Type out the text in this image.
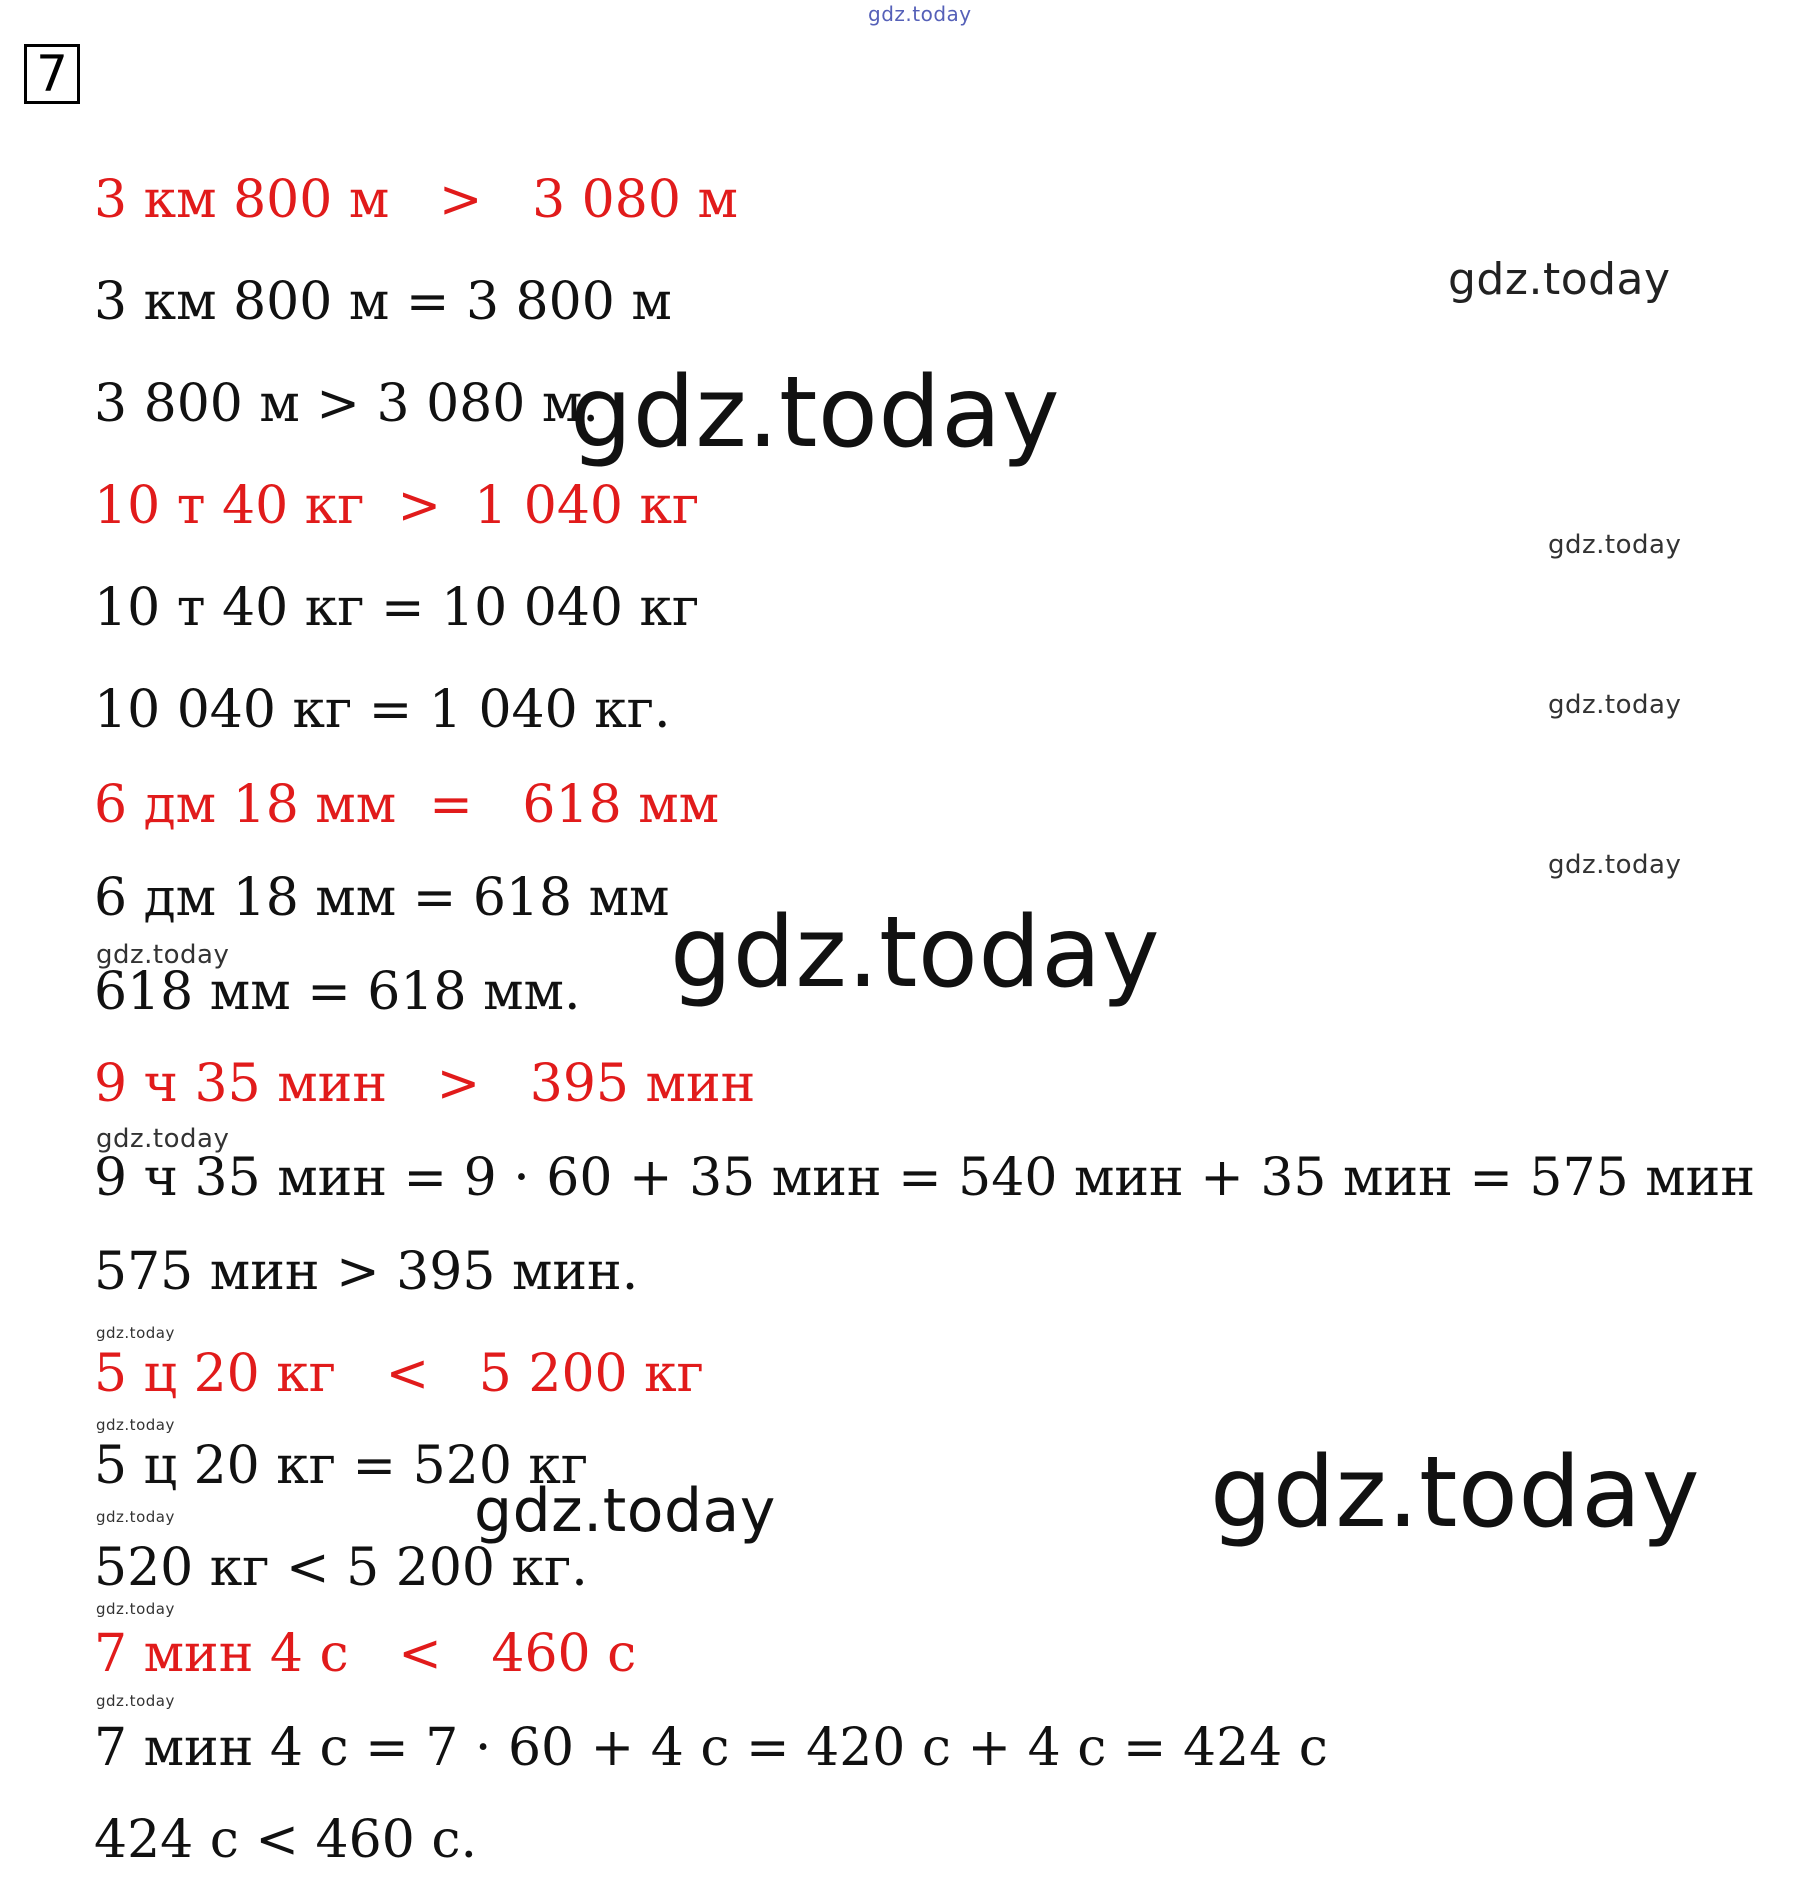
gdz.today
7
3 км 800 м   >   3 080 м
3 км 800 м = 3 800 м
3 800 м > 3 080 м.
10 т 40 кг  >  1 040 кг
10 т 40 кг = 10 040 кг
10 040 кг = 1 040 кг.
6 дм 18 мм  =   618 мм
6 дм 18 мм = 618 мм
618 мм = 618 мм.
9 ч 35 мин   >   395 мин
9 ч 35 мин = 9 · 60 + 35 мин = 540 мин + 35 мин = 575 мин
575 мин > 395 мин.
5 ц 20 кг   <   5 200 кг
5 ц 20 кг = 520 кг
520 кг < 5 200 кг.
7 мин 4 с   <   460 с
7 мин 4 с = 7 · 60 + 4 с = 420 с + 4 с = 424 с
424 с < 460 с.
gdz.today
gdz.today
gdz.today
gdz.today
gdz.today
gdz.today
gdz.today
gdz.today
gdz.today
gdz.today
gdz.today
gdz.today
gdz.today
gdz.today	gdz.today
